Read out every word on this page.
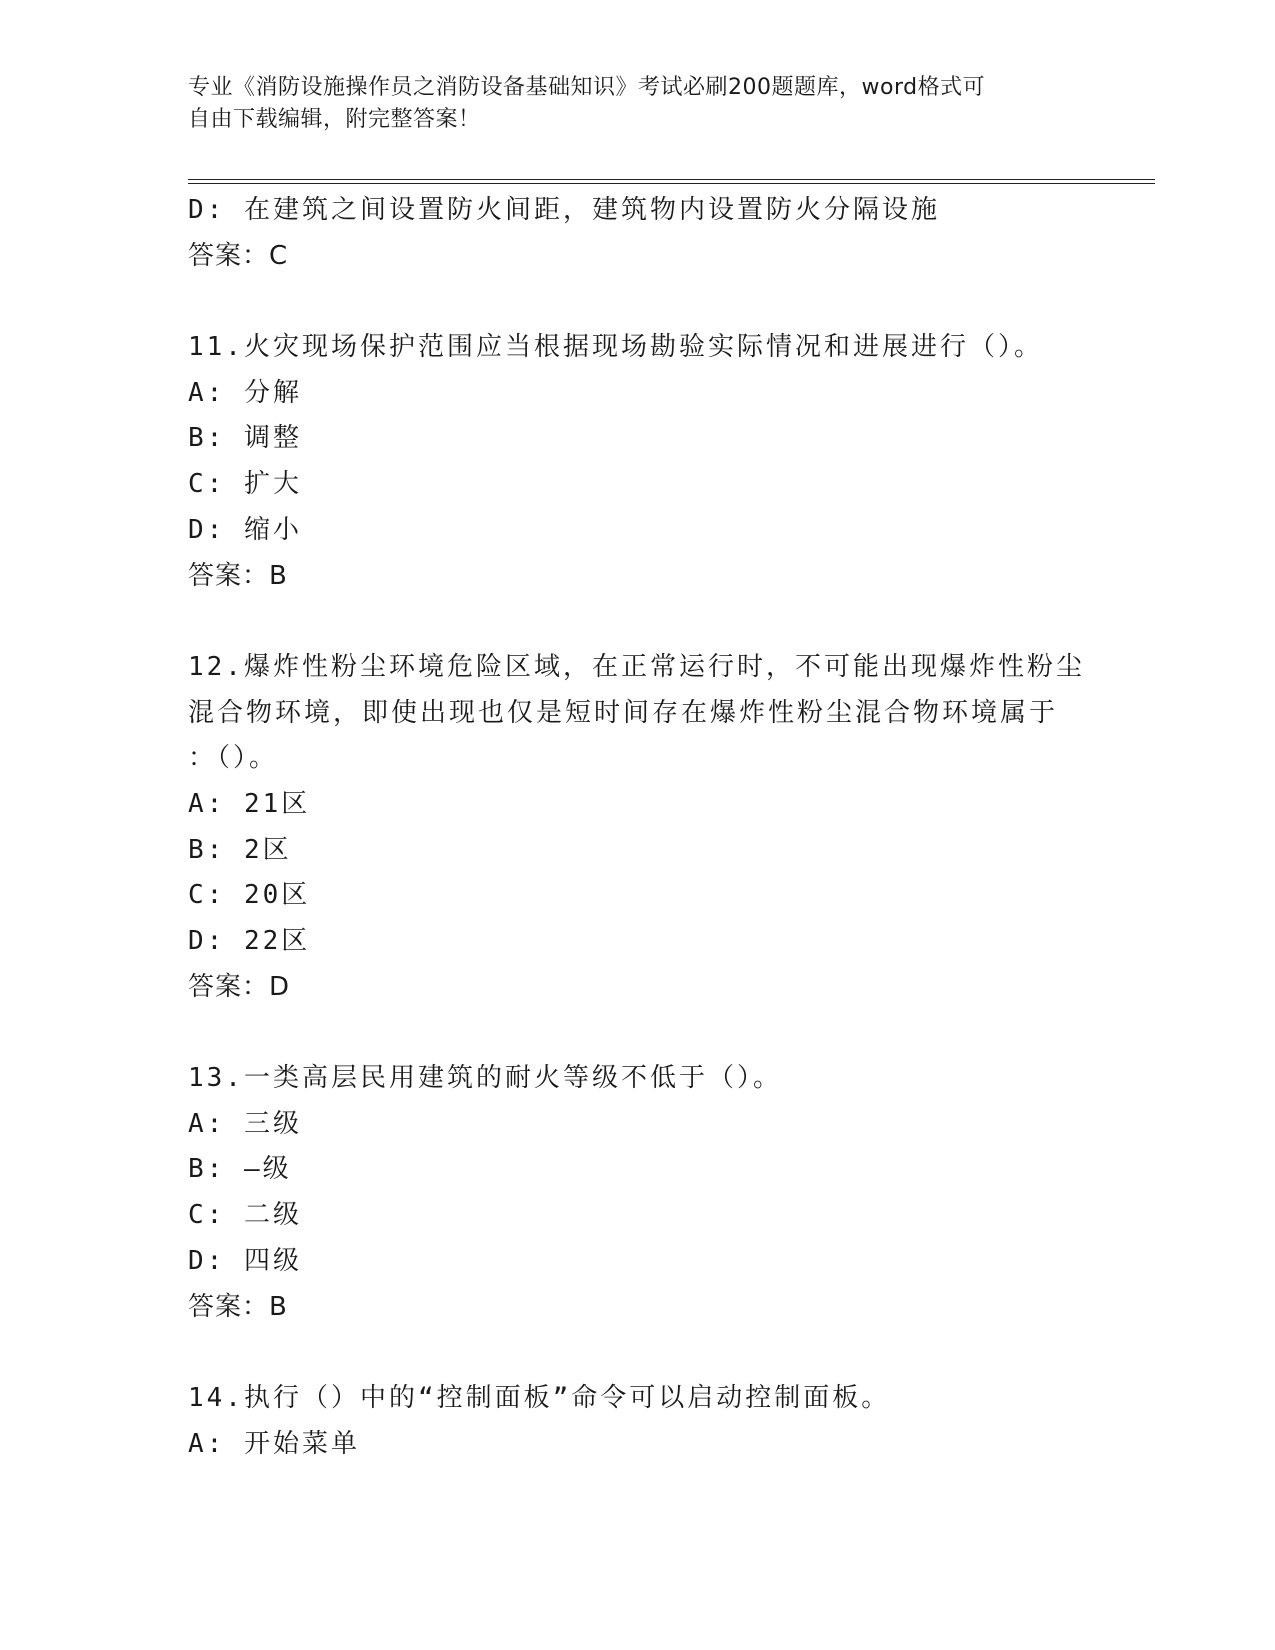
专业《消防设施操作员之消防设备基础知识》考试必刷200题题库，word格式可
自由下载编辑，附完整答案！
D: 在建筑之间设置防火间距，建筑物内设置防火分隔设施
答案：C
11.火灾现场保护范围应当根据现场勘验实际情况和进展进行（）。
A: 分解
B: 调整
C: 扩大
D: 缩小
答案：B
12.爆炸性粉尘环境危险区域，在正常运行时，不可能出现爆炸性粉尘
混合物环境，即使出现也仅是短时间存在爆炸性粉尘混合物环境属于
：（）。
A: 21区
B: 2区
C: 20区
D: 22区
答案：D
13.一类高层民用建筑的耐火等级不低于（）。
A: 三级
B: —级
C: 二级
D: 四级
答案：B
14.执行（）中的“控制面板”命令可以启动控制面板。
A: 开始菜单
